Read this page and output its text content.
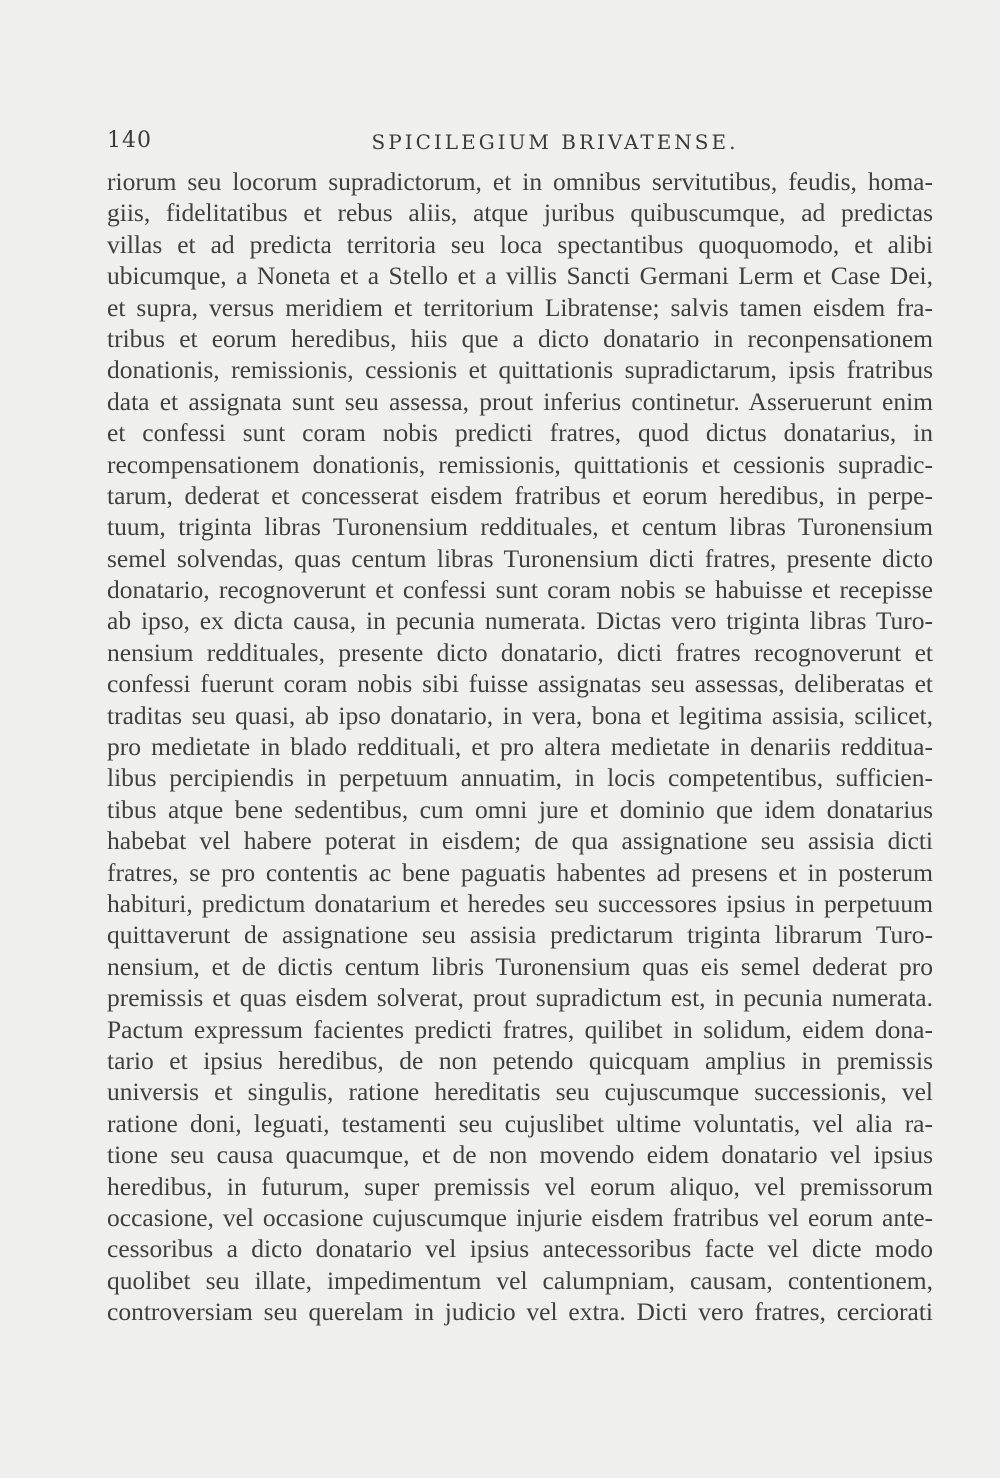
140	SPICILEGIUM BRIVATENSE.
riorum seu locorum supradictorum, et in omnibus servitutibus, feudis, homa-
giis, fidelitatibus et rebus aliis, atque juribus quibuscumque, ad predictas
villas et ad predicta territoria seu loca spectantibus quoquomodo, et alibi
ubicumque, a Noneta et a Stello et a villis Sancti Germani Lerm et Case Dei,
et supra, versus meridiem et territorium Libratense; salvis tamen eisdem fra-
tribus et eorum heredibus, hiis que a dicto donatario in reconpensationem
donationis, remissionis, cessionis et quittationis supradictarum, ipsis fratribus
data et assignata sunt seu assessa, prout inferius continetur. Asseruerunt enim
et confessi sunt coram nobis predicti fratres, quod dictus donatarius, in
recompensationem donationis, remissionis, quittationis et cessionis supradic-
tarum, dederat et concesserat eisdem fratribus et eorum heredibus, in perpe-
tuum, triginta libras Turonensium reddituales, et centum libras Turonensium
semel solvendas, quas centum libras Turonensium dicti fratres, presente dicto
donatario, recognoverunt et confessi sunt coram nobis se habuisse et recepisse
ab ipso, ex dicta causa, in pecunia numerata. Dictas vero triginta libras Turo-
nensium reddituales, presente dicto donatario, dicti fratres recognoverunt et
confessi fuerunt coram nobis sibi fuisse assignatas seu assessas, deliberatas et
traditas seu quasi, ab ipso donatario, in vera, bona et legitima assisia, scilicet,
pro medietate in blado reddituali, et pro altera medietate in denariis reddituа-
libus percipiendis in perpetuum annuatim, in locis competentibus, sufficien-
tibus atque bene sedentibus, cum omni jure et dominio que idem donatarius
habebat vel habere poterat in eisdem; de qua assignatione seu assisia dicti
fratres, se pro contentis ac bene paguatis habentes ad presens et in posterum
habituri, predictum donatarium et heredes seu successores ipsius in perpetuum
quittaverunt de assignatione seu assisia predictarum triginta librarum Turo-
nensium, et de dictis centum libris Turonensium quas eis semel dederat pro
premissis et quas eisdem solverat, prout supradictum est, in pecunia numerata.
Pactum expressum facientes predicti fratres, quilibet in solidum, eidem dona-
tario et ipsius heredibus, de non petendo quicquam amplius in premissis
universis et singulis, ratione hereditatis seu cujuscumque successionis, vel
ratione doni, leguati, testamenti seu cujuslibet ultime voluntatis, vel alia ra-
tione seu causa quacumque, et de non movendo eidem donatario vel ipsius
heredibus, in futurum, super premissis vel eorum aliquo, vel premissorum
occasione, vel occasione cujuscumque injurie eisdem fratribus vel eorum ante-
cessoribus a dicto donatario vel ipsius antecessoribus facte vel dicte modo
quolibet seu illate, impedimentum vel calumpniam, causam, contentionem,
controversiam seu querelam in judicio vel extra. Dicti vero fratres, cerciorati
